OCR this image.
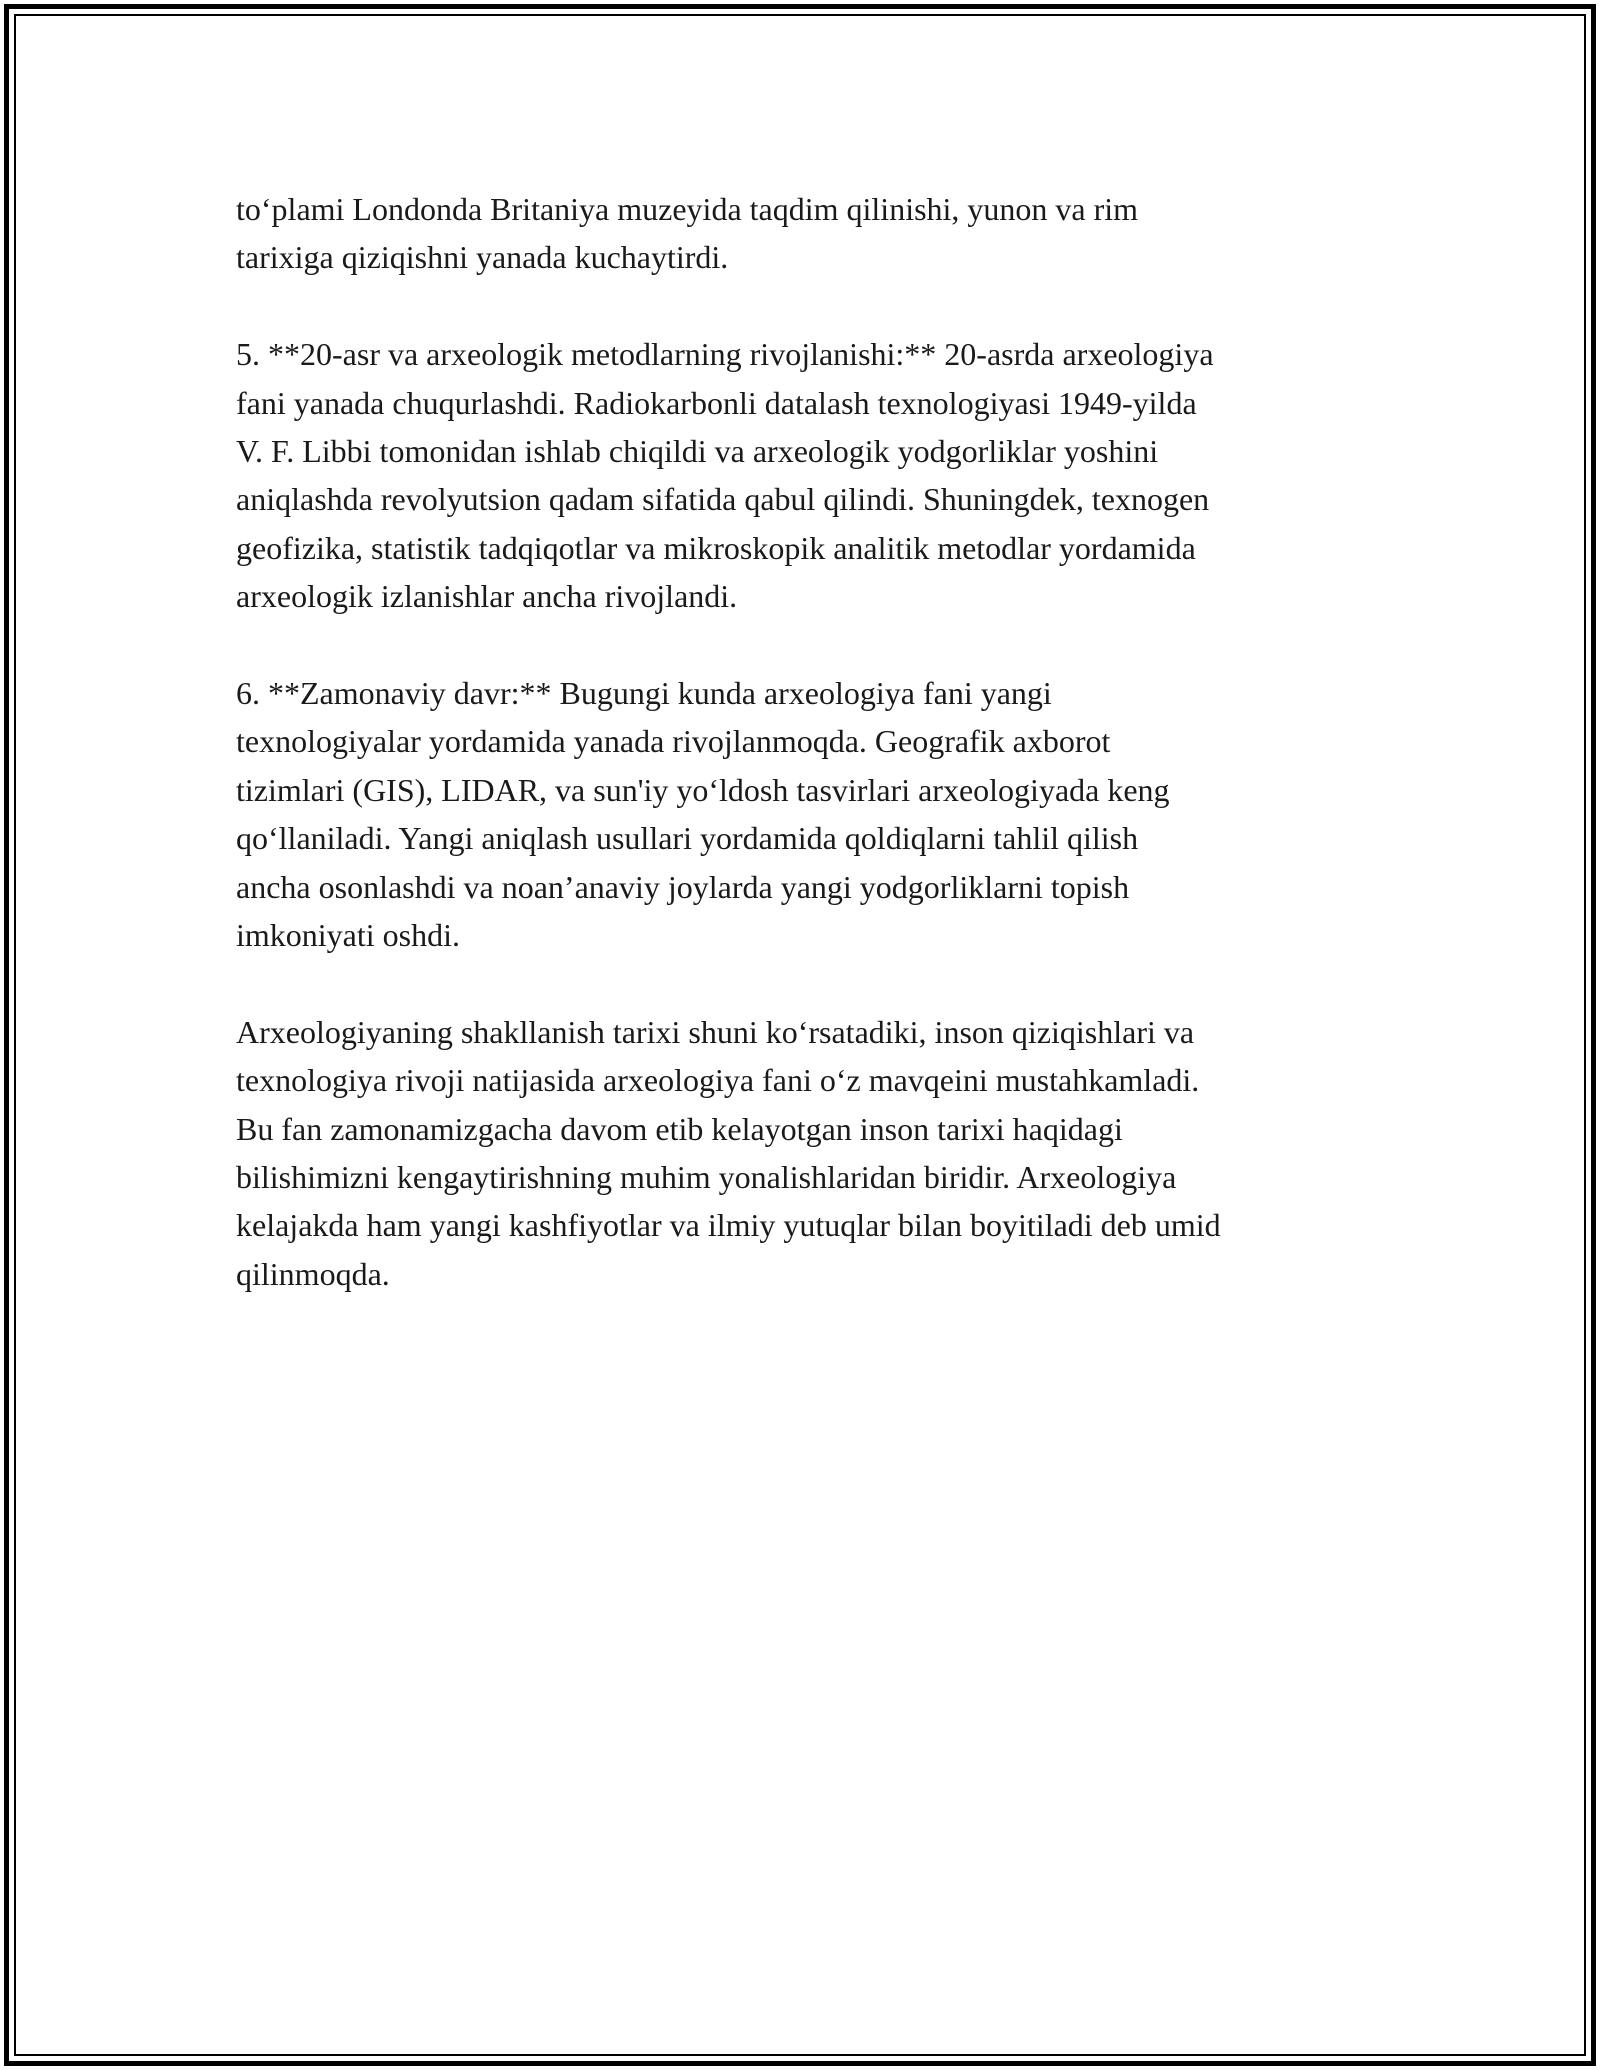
to‘plami Londonda Britaniya muzeyida taqdim qilinishi, yunon va rim
tarixiga qiziqishni yanada kuchaytirdi.

5. **20-asr va arxeologik metodlarning rivojlanishi:** 20-asrda arxeologiya
fani yanada chuqurlashdi. Radiokarbonli datalash texnologiyasi 1949-yilda
V. F. Libbi tomonidan ishlab chiqildi va arxeologik yodgorliklar yoshini
aniqlashda revolyutsion qadam sifatida qabul qilindi. Shuningdek, texnogen
geofizika, statistik tadqiqotlar va mikroskopik analitik metodlar yordamida
arxeologik izlanishlar ancha rivojlandi.

6. **Zamonaviy davr:** Bugungi kunda arxeologiya fani yangi
texnologiyalar yordamida yanada rivojlanmoqda. Geografik axborot
tizimlari (GIS), LIDAR, va sun'iy yo‘ldosh tasvirlari arxeologiyada keng
qo‘llaniladi. Yangi aniqlash usullari yordamida qoldiqlarni tahlil qilish
ancha osonlashdi va noan’anaviy joylarda yangi yodgorliklarni topish
imkoniyati oshdi.

Arxeologiyaning shakllanish tarixi shuni ko‘rsatadiki, inson qiziqishlari va
texnologiya rivoji natijasida arxeologiya fani o‘z mavqeini mustahkamladi.
Bu fan zamonamizgacha davom etib kelayotgan inson tarixi haqidagi
bilishimizni kengaytirishning muhim yonalishlaridan biridir. Arxeologiya
kelajakda ham yangi kashfiyotlar va ilmiy yutuqlar bilan boyitiladi deb umid
qilinmoqda.
